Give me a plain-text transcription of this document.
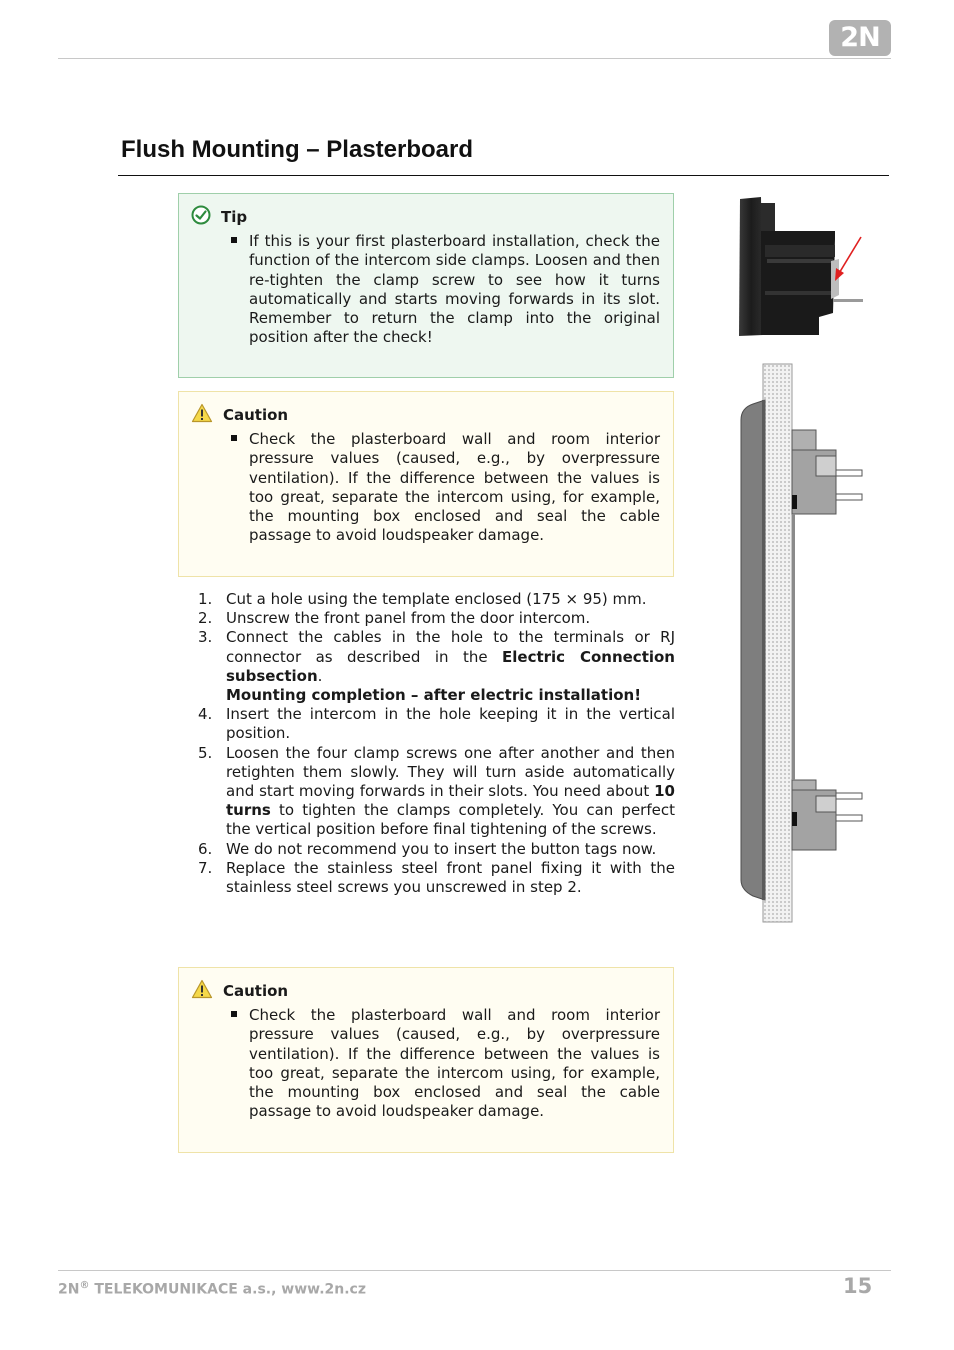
2N
Flush Mounting – Plasterboard
Tip
If this is your first plasterboard installation, check the function of the intercom side clamps. Loosen and then re-tighten the clamp screw to see how it turns automatically and starts moving forwards in its slot. Remember to return the clamp into the original position after the check!
Caution
Check the plasterboard wall and room interior pressure values (caused, e.g., by overpressure ventilation). If the difference between the values is too great, separate the intercom using, for example, the mounting box enclosed and seal the cable passage to avoid loudspeaker damage.
1. Cut a hole using the template enclosed (175 × 95) mm.
2. Unscrew the front panel from the door intercom.
3. Connect the cables in the hole to the terminals or RJ connector as described in the Electric Connection subsection.
Mounting completion – after electric installation!
4. Insert the intercom in the hole keeping it in the vertical position.
5. Loosen the four clamp screws one after another and then retighten them slowly. They will turn aside automatically and start moving forwards in their slots. You need about 10 turns to tighten the clamps completely. You can perfect the vertical position before final tightening of the screws.
6. We do not recommend you to insert the button tags now.
7. Replace the stainless steel front panel fixing it with the stainless steel screws you unscrewed in step 2.
Caution
Check the plasterboard wall and room interior pressure values (caused, e.g., by overpressure ventilation). If the difference between the values is too great, separate the intercom using, for example, the mounting box enclosed and seal the cable passage to avoid loudspeaker damage.
2N® TELEKOMUNIKACE a.s., www.2n.cz	15
